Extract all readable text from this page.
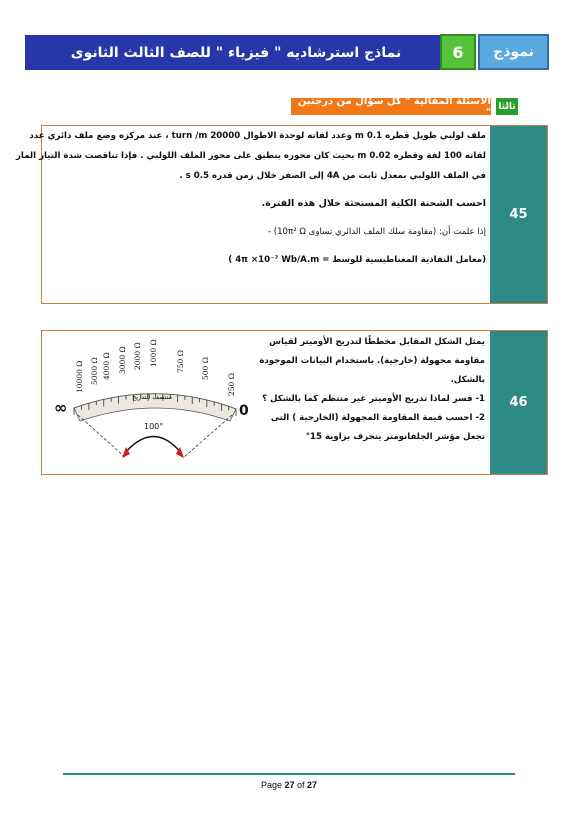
نماذج استرشاديه " فيزياء " للصف الثالث الثانوى	6	نموذج
ثالثا
الأسئلة المقالية " كل سؤال من درجتين "
45

ملف لولبي طويل قطره 0.1 m وعدد لفاته لوحدة الاطوال 20000 turn /m ، عند مركزه وضع ملف دائري عدد

لفاته 100 لفة وقطره 0.02 m بحيث كان محوره ينطبق على محور الملف اللولبي . فإذا تناقصت شدة التيار المار

في الملف اللولبي بمعدل ثابت من 4A إلى الصفر خلال زمن قدره 0.5 s .

احسب الشحنة الكلية المستحثة خلال هذه الفترة.

إذا علمت أن: (مقاومة سلك الملف الدائري تساوى 10π² Ω) -

(معامل النفاذية المغناطيسية للوسط = 4π ×10⁻⁷ Wb/A.m )

46

يمثل الشكل المقابل مخططًا لتدريج الأوميتر لقياس

مقاومة مجهولة (خارجية). باستخدام البيانات الموجودة

بالشكل.

1- فسر لماذا تدريج الأوميتر غير منتظم كما بالشكل ؟

2- احسب قيمة المقاومة المجهولة (الخارجية ) التى

تجعل مؤشر الجلفانومتر ينحرف بزاوية 15°

10000 Ω 5000 Ω 4000 Ω 3000 Ω 2000 Ω 1000 Ω 750 Ω 500 Ω
250 Ω
∞	0
منتصف التدريج
100°
Page 27 of 27
